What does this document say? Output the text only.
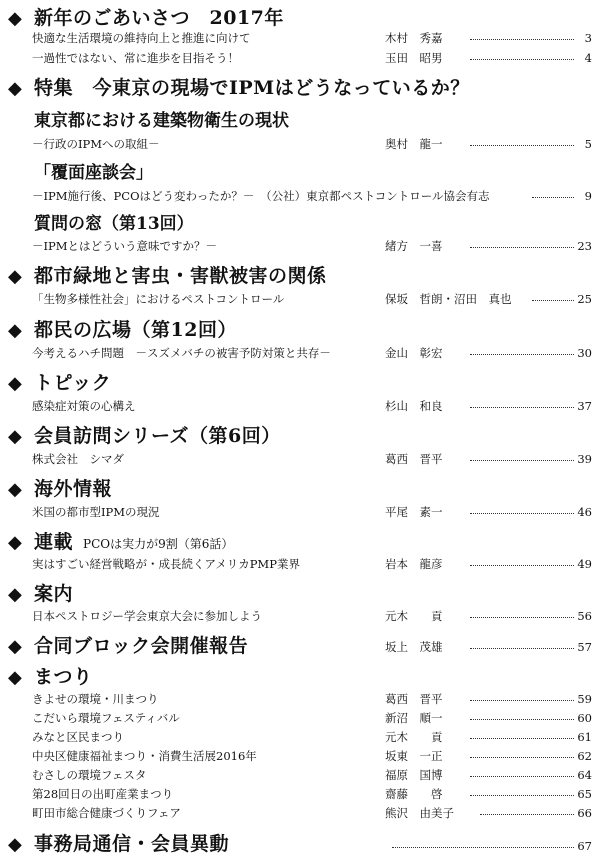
◆ 新年のごあいさつ　2017年
快適な生活環境の維持向上と推進に向けて	木村　秀嘉	3
一過性ではない、常に進歩を目指そう！	玉田　昭男	4
◆ 特集　今東京の現場でIPMはどうなっているか？
東京都における建築物衛生の現状
－行政のIPMへの取組－	奥村　龍一	5
「覆面座談会」
－IPM施行後、PCOはどう変わったか？－　（公社）東京都ペストコントロール協会有志	9
質問の窓（第13回）
－IPMとはどういう意味ですか？－	緒方　一喜	23
◆ 都市緑地と害虫・害獣被害の関係
「生物多様性社会」におけるペストコントロール	保坂　哲朗・沼田　真也	25
◆ 都民の広場（第12回）
今考えるハチ問題　－スズメバチの被害予防対策と共存－	金山　彰宏	30
◆ トピック
感染症対策の心構え	杉山　和良	37
◆ 会員訪問シリーズ（第6回）
株式会社　シマダ	葛西　晋平	39
◆ 海外情報
米国の都市型IPMの現況	平尾　素一	46
◆ 連載 PCOは実力が9割（第6話）
実はすごい経営戦略が・成長続くアメリカPMP業界	岩本　龍彦	49
◆ 案内
日本ペストロジー学会東京大会に参加しよう	元木　　貢	56
◆ 合同ブロック会開催報告	坂上　茂雄	57
◆ まつり
きよせの環境・川まつり	葛西　晋平	59
こだいら環境フェスティバル	新沼　順一	60
みなと区民まつり	元木　　貢	61
中央区健康福祉まつり・消費生活展2016年	坂東　一正	62
むさしの環境フェスタ	福原　国博	64
第28回日の出町産業まつり	齋藤　　啓	65
町田市総合健康づくりフェア	熊沢　由美子	66
◆ 事務局通信・会員異動	67
